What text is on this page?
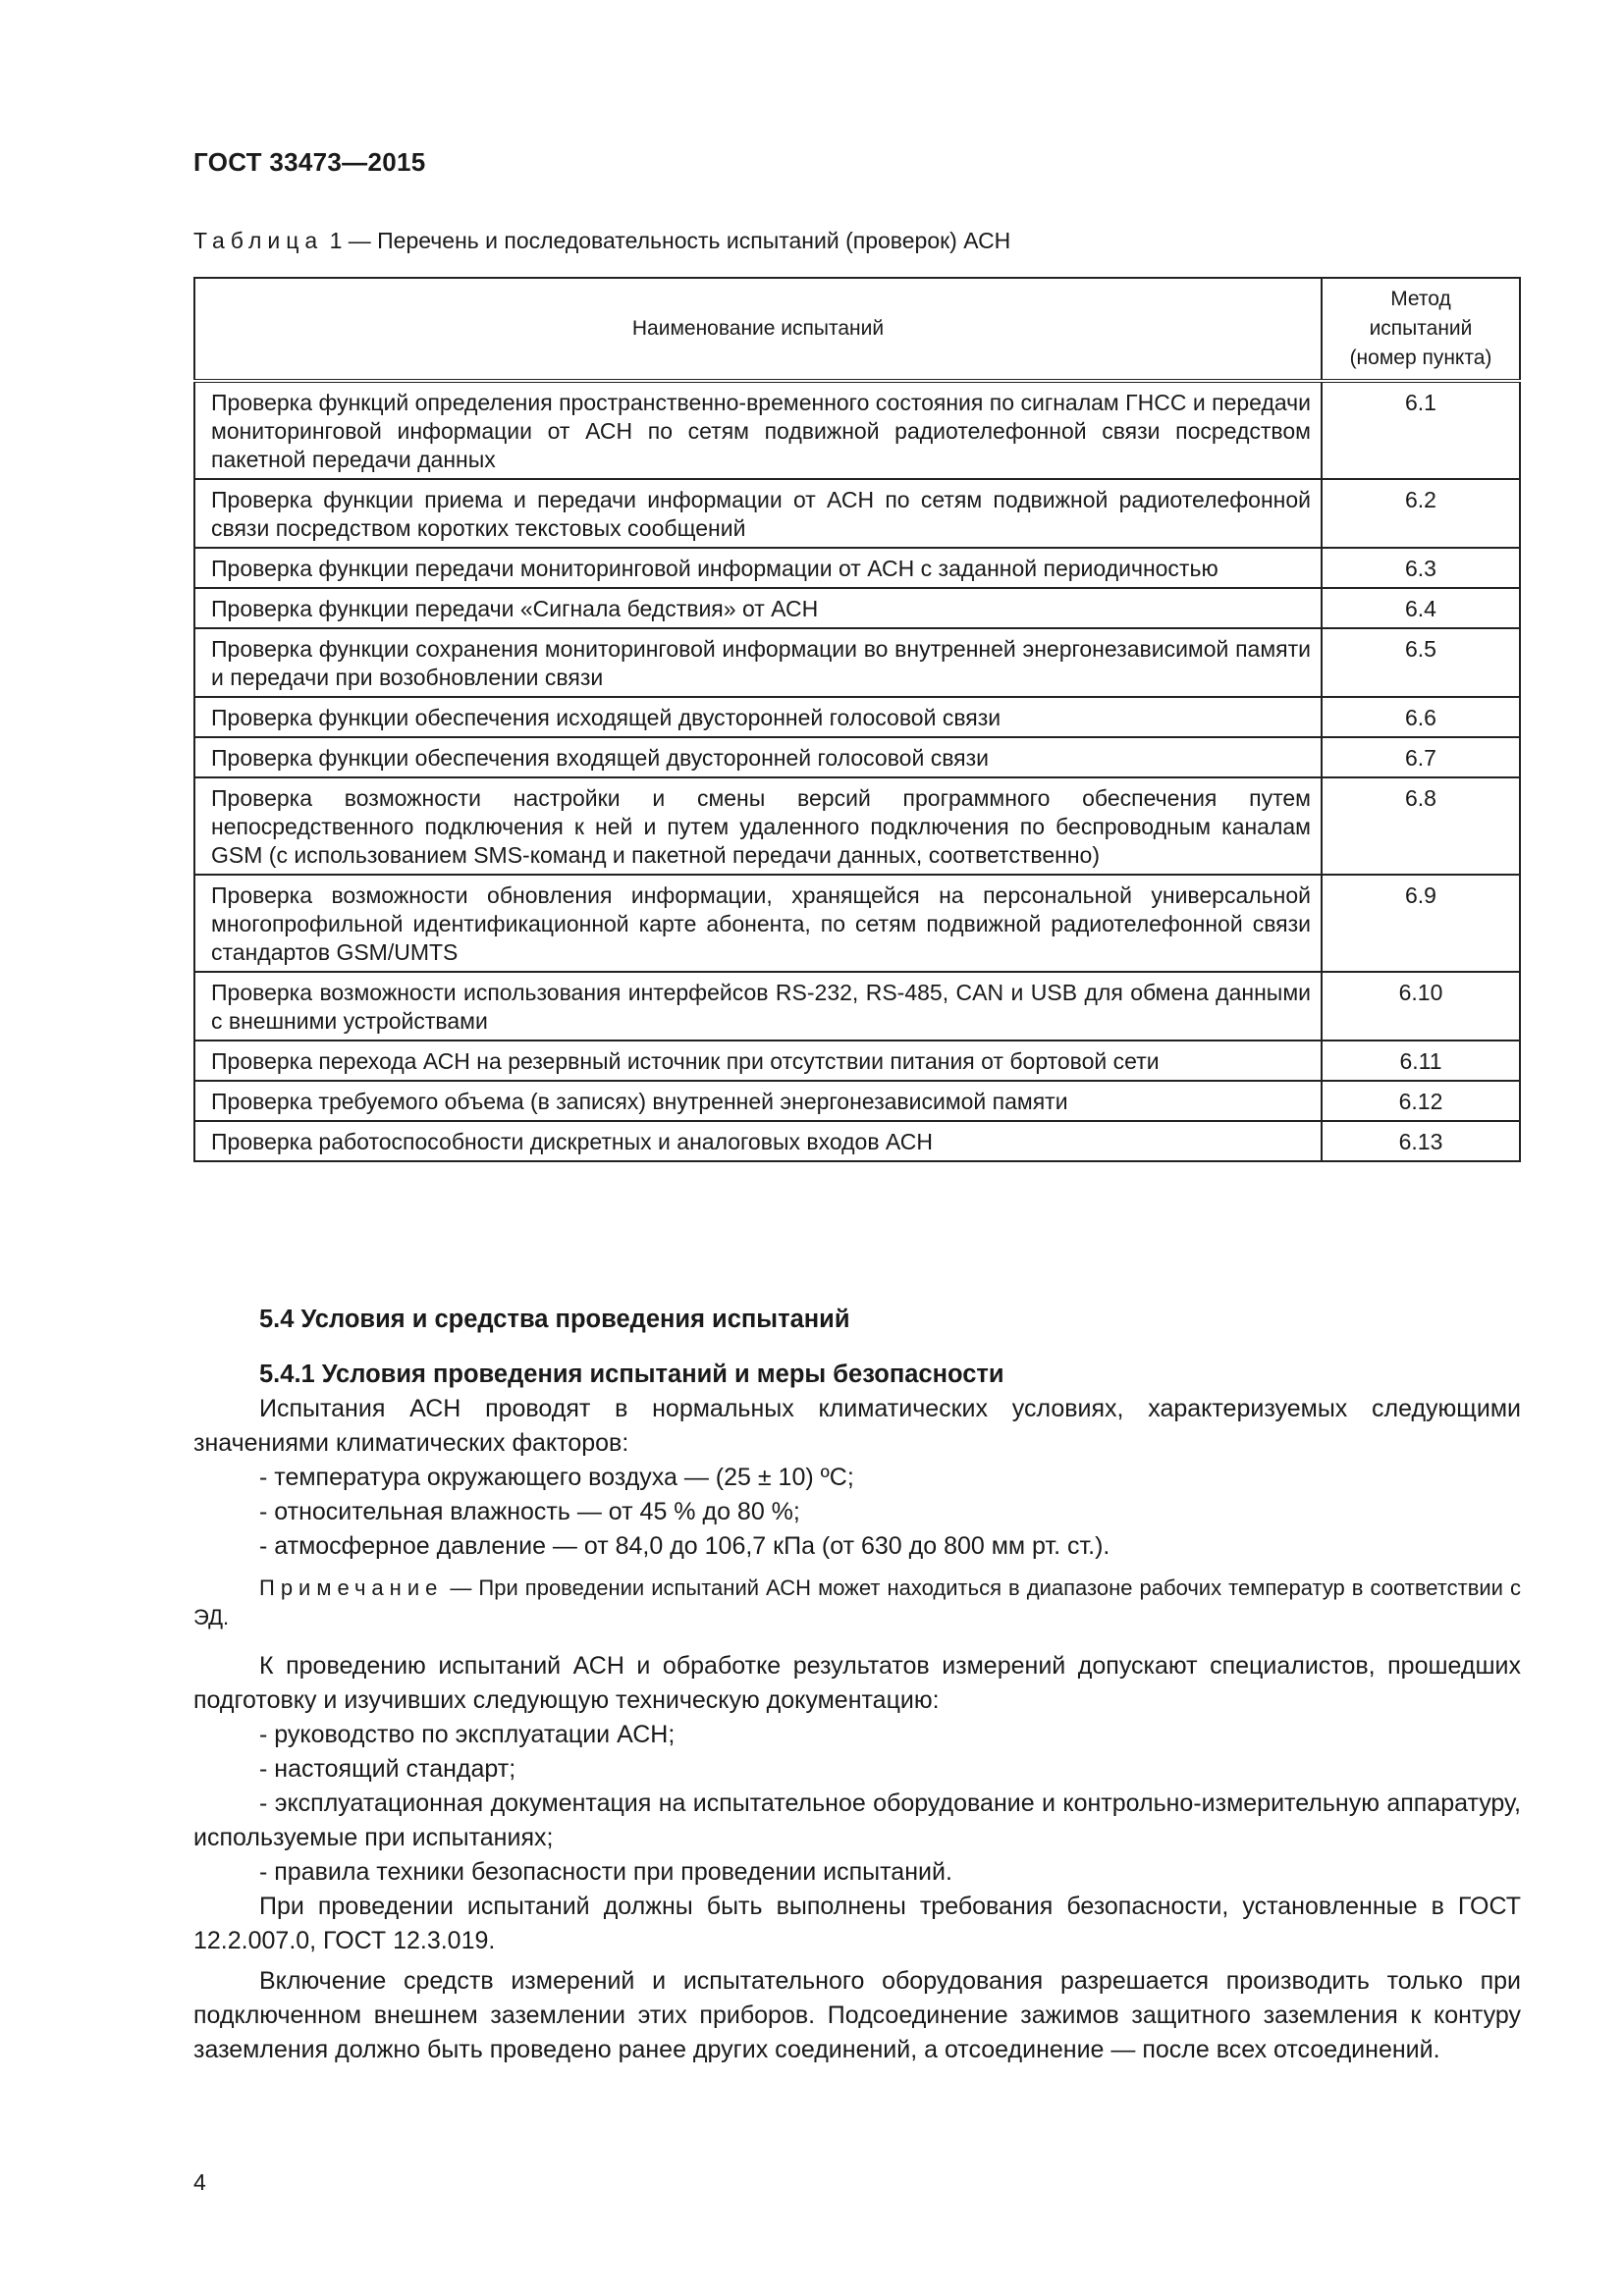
ГОСТ 33473—2015
Таблица 1 — Перечень и последовательность испытаний (проверок) АСН
Наименование испытаний	Метод
испытаний
(номер пункта)
Проверка функций определения пространственно-временного состояния по сигналам ГНСС и передачи мониторинговой информации от АСН по сетям подвижной радиотелефонной связи посредством пакетной передачи данных	6.1
Проверка функции приема и передачи информации от АСН по сетям подвижной радиотелефонной связи посредством коротких текстовых сообщений	6.2
Проверка функции передачи мониторинговой информации от АСН с заданной периодичностью	6.3
Проверка функции передачи «Сигнала бедствия» от АСН	6.4
Проверка функции сохранения мониторинговой информации во внутренней энергонезависимой памяти и передачи при возобновлении связи	6.5
Проверка функции обеспечения исходящей двусторонней голосовой связи	6.6
Проверка функции обеспечения входящей двусторонней голосовой связи	6.7
Проверка возможности настройки и смены версий программного обеспечения путем непосредственного подключения к ней и путем удаленного подключения по беспроводным каналам GSM (с использованием SMS-команд и пакетной передачи данных, соответственно)	6.8
Проверка возможности обновления информации, хранящейся на персональной универсальной многопрофильной идентификационной карте абонента, по сетям подвижной радиотелефонной связи стандартов GSM/UMTS	6.9
Проверка возможности использования интерфейсов RS-232, RS-485, CAN и USB для обмена данными с внешними устройствами	6.10
Проверка перехода АСН на резервный источник при отсутствии питания от бортовой сети	6.11
Проверка требуемого объема (в записях) внутренней энергонезависимой памяти	6.12
Проверка работоспособности дискретных и аналоговых входов АСН	6.13
5.4 Условия и средства проведения испытаний
5.4.1 Условия проведения испытаний и меры безопасности
Испытания АСН проводят в нормальных климатических условиях, характеризуемых следующими значениями климатических факторов:
- температура окружающего воздуха — (25 ± 10) ºС;
- относительная влажность — от 45 % до 80 %;
- атмосферное давление — от 84,0 до 106,7 кПа (от 630 до 800 мм рт. ст.).
Примечание — При проведении испытаний АСН может находиться в диапазоне рабочих температур в соответствии с ЭД.
К проведению испытаний АСН и обработке результатов измерений допускают специалистов, прошедших подготовку и изучивших следующую техническую документацию:
- руководство по эксплуатации АСН;
- настоящий стандарт;
- эксплуатационная документация на испытательное оборудование и контрольно-измерительную аппаратуру, используемые при испытаниях;
- правила техники безопасности при проведении испытаний.
При проведении испытаний должны быть выполнены требования безопасности, установленные в ГОСТ 12.2.007.0, ГОСТ 12.3.019.
Включение средств измерений и испытательного оборудования разрешается производить только при подключенном внешнем заземлении этих приборов. Подсоединение зажимов защитного заземления к контуру заземления должно быть проведено ранее других соединений, а отсоединение — после всех отсоединений.
4
